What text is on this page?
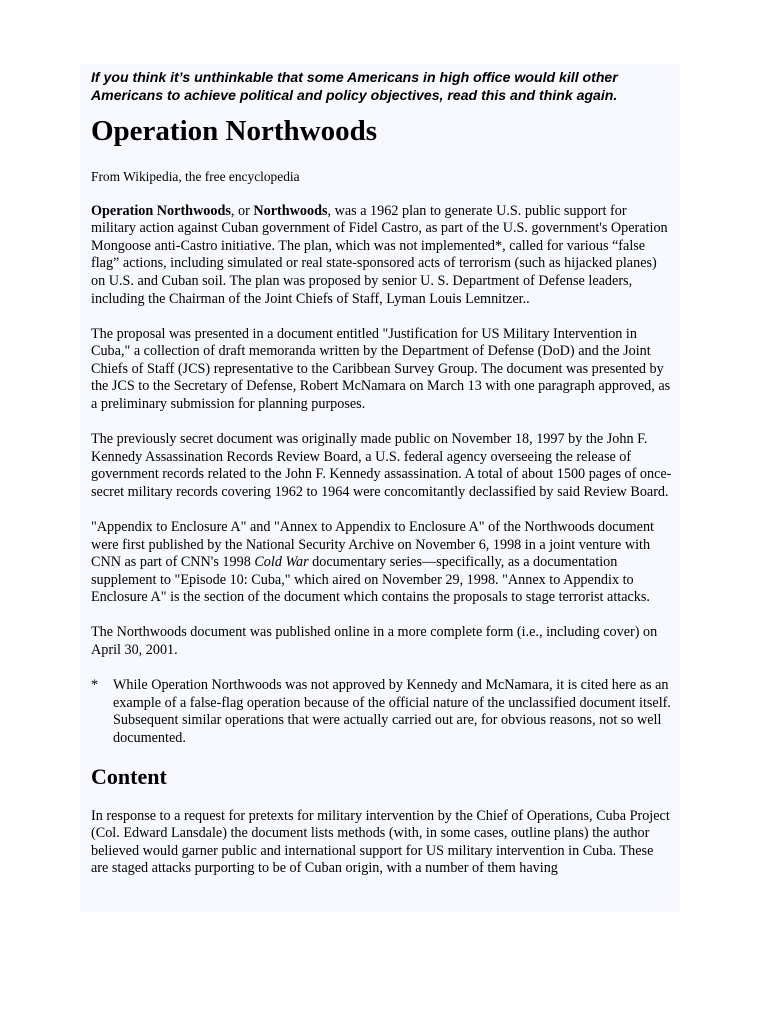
If you think it’s unthinkable that some Americans in high office would kill other Americans to achieve political and policy objectives, read this and think again.

Operation Northwoods

From Wikipedia, the free encyclopedia

Operation Northwoods, or Northwoods, was a 1962 plan to generate U.S. public support for military action against Cuban government of Fidel Castro, as part of the U.S. government's Operation Mongoose anti-Castro initiative. The plan, which was not implemented*, called for various “false flag” actions, including simulated or real state-sponsored acts of terrorism (such as hijacked planes) on U.S. and Cuban soil. The plan was proposed by senior U. S. Department of Defense leaders, including the Chairman of the Joint Chiefs of Staff, Lyman Louis Lemnitzer..

The proposal was presented in a document entitled "Justification for US Military Intervention in Cuba," a collection of draft memoranda written by the Department of Defense (DoD) and the Joint Chiefs of Staff (JCS) representative to the Caribbean Survey Group. The document was presented by the JCS to the Secretary of Defense, Robert McNamara on March 13 with one paragraph approved, as a preliminary submission for planning purposes.

The previously secret document was originally made public on November 18, 1997 by the John F. Kennedy Assassination Records Review Board, a U.S. federal agency overseeing the release of government records related to the John F. Kennedy assassination. A total of about 1500 pages of once-secret military records covering 1962 to 1964 were concomitantly declassified by said Review Board.

"Appendix to Enclosure A" and "Annex to Appendix to Enclosure A" of the Northwoods document were first published by the National Security Archive on November 6, 1998 in a joint venture with CNN as part of CNN's 1998 Cold War documentary series—specifically, as a documentation supplement to "Episode 10: Cuba," which aired on November 29, 1998. "Annex to Appendix to Enclosure A" is the section of the document which contains the proposals to stage terrorist attacks.

The Northwoods document was published online in a more complete form (i.e., including cover) on April 30, 2001.

*	While Operation Northwoods was not approved by Kennedy and McNamara, it is cited here as an example of a false-flag operation because of the official nature of the unclassified document itself. Subsequent similar operations that were actually carried out are, for obvious reasons, not so well documented.
Content

In response to a request for pretexts for military intervention by the Chief of Operations, Cuba Project (Col. Edward Lansdale) the document lists methods (with, in some cases, outline plans) the author believed would garner public and international support for US military intervention in Cuba. These are staged attacks purporting to be of Cuban origin, with a number of them having
